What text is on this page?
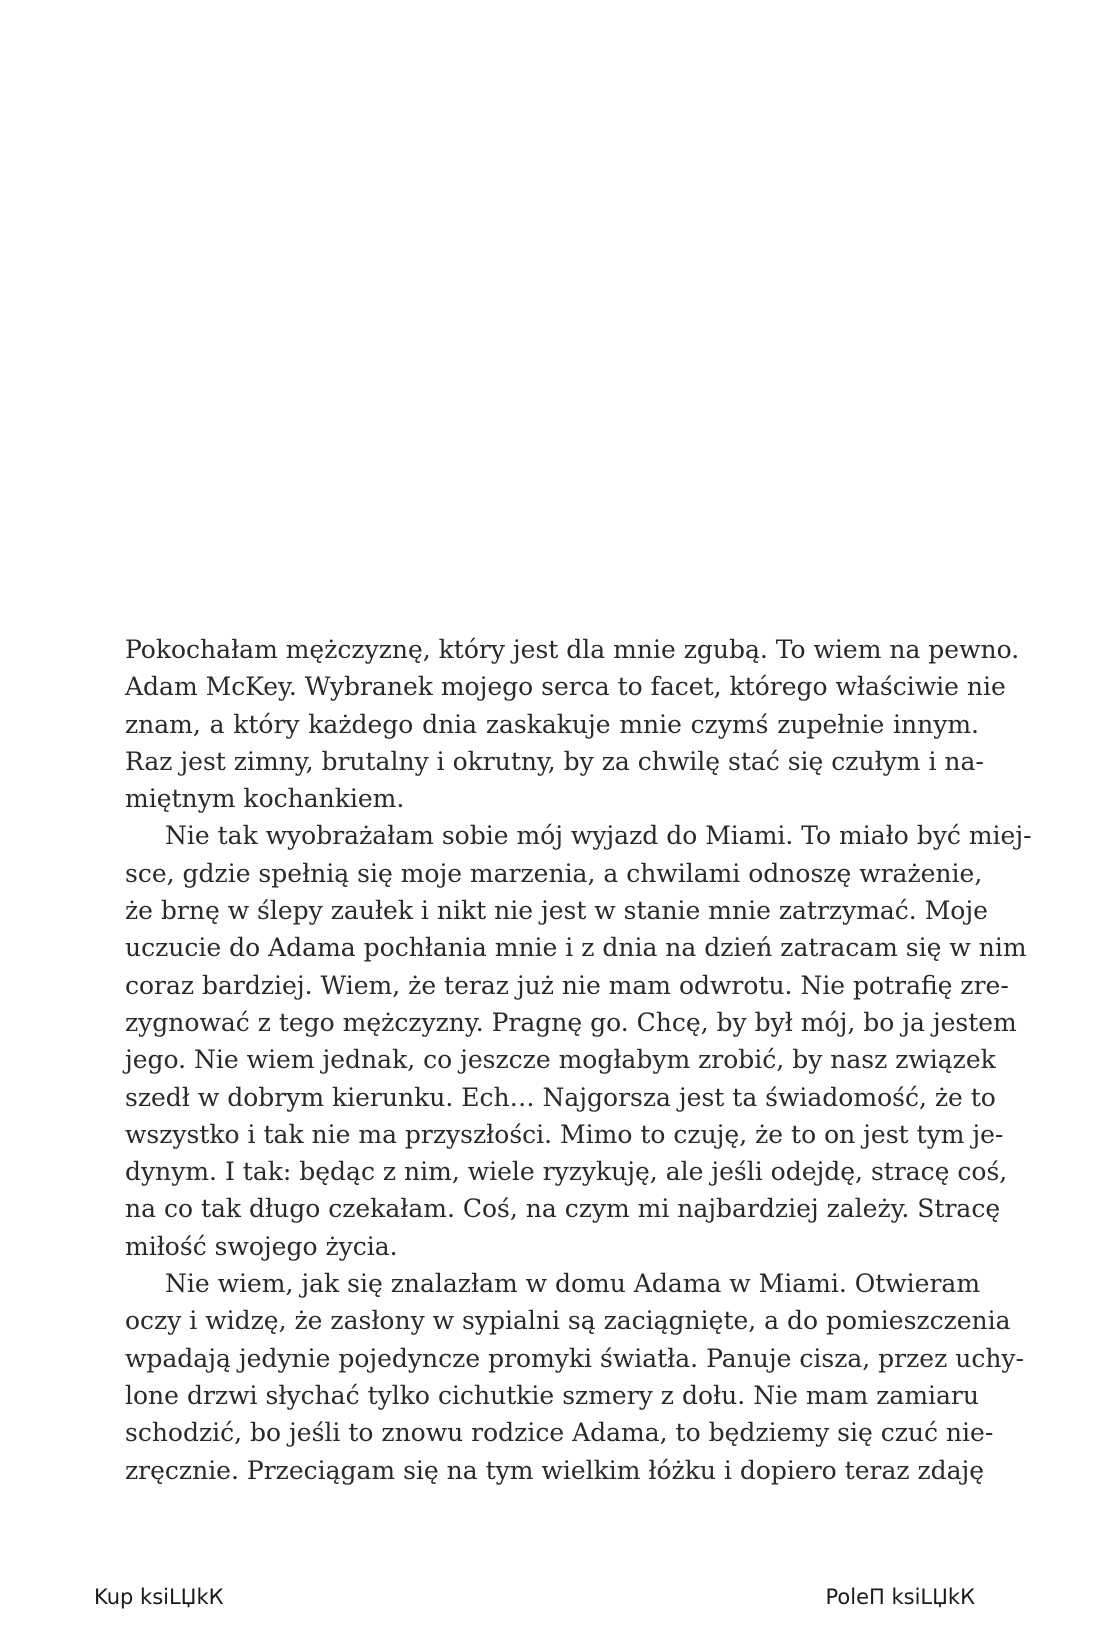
Pokochałam mężczyznę, który jest dla mnie zgubą. To wiem na pewno.
Adam McKey. Wybranek mojego serca to facet, którego właściwie nie
znam, a który każdego dnia zaskakuje mnie czymś zupełnie innym.
Raz jest zimny, brutalny i okrutny, by za chwilę stać się czułym i na-
miętnym kochankiem.
Nie tak wyobrażałam sobie mój wyjazd do Miami. To miało być miej-
sce, gdzie spełnią się moje marzenia, a chwilami odnoszę wrażenie,
że brnę w ślepy zaułek i nikt nie jest w stanie mnie zatrzymać. Moje
uczucie do Adama pochłania mnie i z dnia na dzień zatracam się w nim
coraz bardziej. Wiem, że teraz już nie mam odwrotu. Nie potrafię zre-
zygnować z tego mężczyzny. Pragnę go. Chcę, by był mój, bo ja jestem
jego. Nie wiem jednak, co jeszcze mogłabym zrobić, by nasz związek
szedł w dobrym kierunku. Ech… Najgorsza jest ta świadomość, że to
wszystko i tak nie ma przyszłości. Mimo to czuję, że to on jest tym je-
dynym. I tak: będąc z nim, wiele ryzykuję, ale jeśli odejdę, stracę coś,
na co tak długo czekałam. Coś, na czym mi najbardziej zależy. Stracę
miłość swojego życia.
Nie wiem, jak się znalazłam w domu Adama w Miami. Otwieram
oczy i widzę, że zasłony w sypialni są zaciągnięte, a do pomieszczenia
wpadają jedynie pojedyncze promyki światła. Panuje cisza, przez uchy-
lone drzwi słychać tylko cichutkie szmery z dołu. Nie mam zamiaru
schodzić, bo jeśli to znowu rodzice Adama, to będziemy się czuć nie-
zręcznie. Przeciągam się na tym wielkim łóżku i dopiero teraz zdaję
Kup ksiLЏkК	PoleП ksiLЏkК
